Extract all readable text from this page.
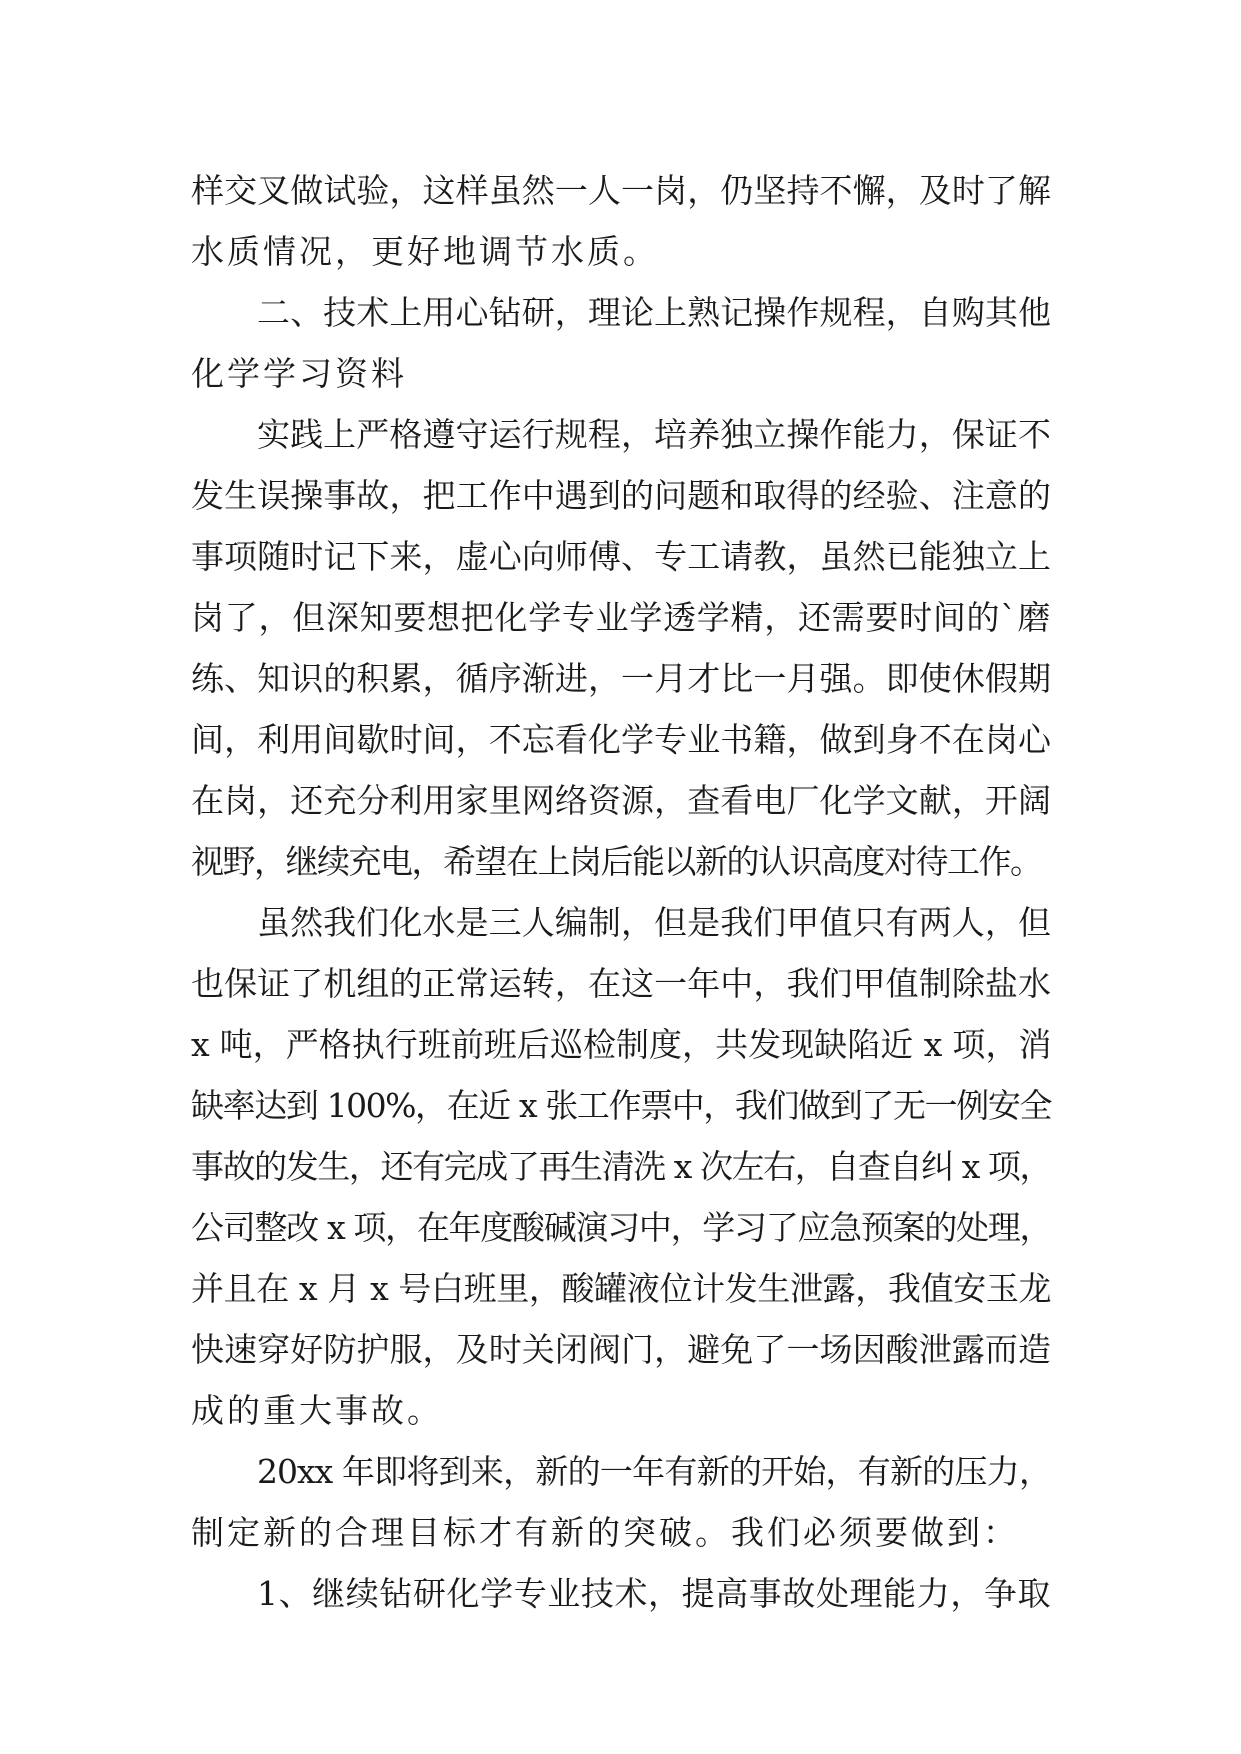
样交叉做试验，这样虽然一人一岗，仍坚持不懈，及时了解
水质情况，更好地调节水质。
二、技术上用心钻研，理论上熟记操作规程，自购其他
化学学习资料
实践上严格遵守运行规程，培养独立操作能力，保证不
发生误操事故，把工作中遇到的问题和取得的经验、注意的
事项随时记下来，虚心向师傅、专工请教，虽然已能独立上
岗了，但深知要想把化学专业学透学精，还需要时间的`磨
练、知识的积累，循序渐进，一月才比一月强。即使休假期
间，利用间歇时间，不忘看化学专业书籍，做到身不在岗心
在岗，还充分利用家里网络资源，查看电厂化学文献，开阔
视野，继续充电，希望在上岗后能以新的认识高度对待工作。
虽然我们化水是三人编制，但是我们甲值只有两人，但
也保证了机组的正常运转，在这一年中，我们甲值制除盐水
x 吨，严格执行班前班后巡检制度，共发现缺陷近 x 项，消
缺率达到 100%，在近 x 张工作票中，我们做到了无一例安全
事故的发生，还有完成了再生清洗 x 次左右，自查自纠 x 项，
公司整改 x 项，在年度酸碱演习中，学习了应急预案的处理，
并且在 x 月 x 号白班里，酸罐液位计发生泄露，我值安玉龙
快速穿好防护服，及时关闭阀门，避免了一场因酸泄露而造
成的重大事故。
20xx 年即将到来，新的一年有新的开始，有新的压力，
制定新的合理目标才有新的突破。我们必须要做到：
1、继续钻研化学专业技术，提高事故处理能力，争取
